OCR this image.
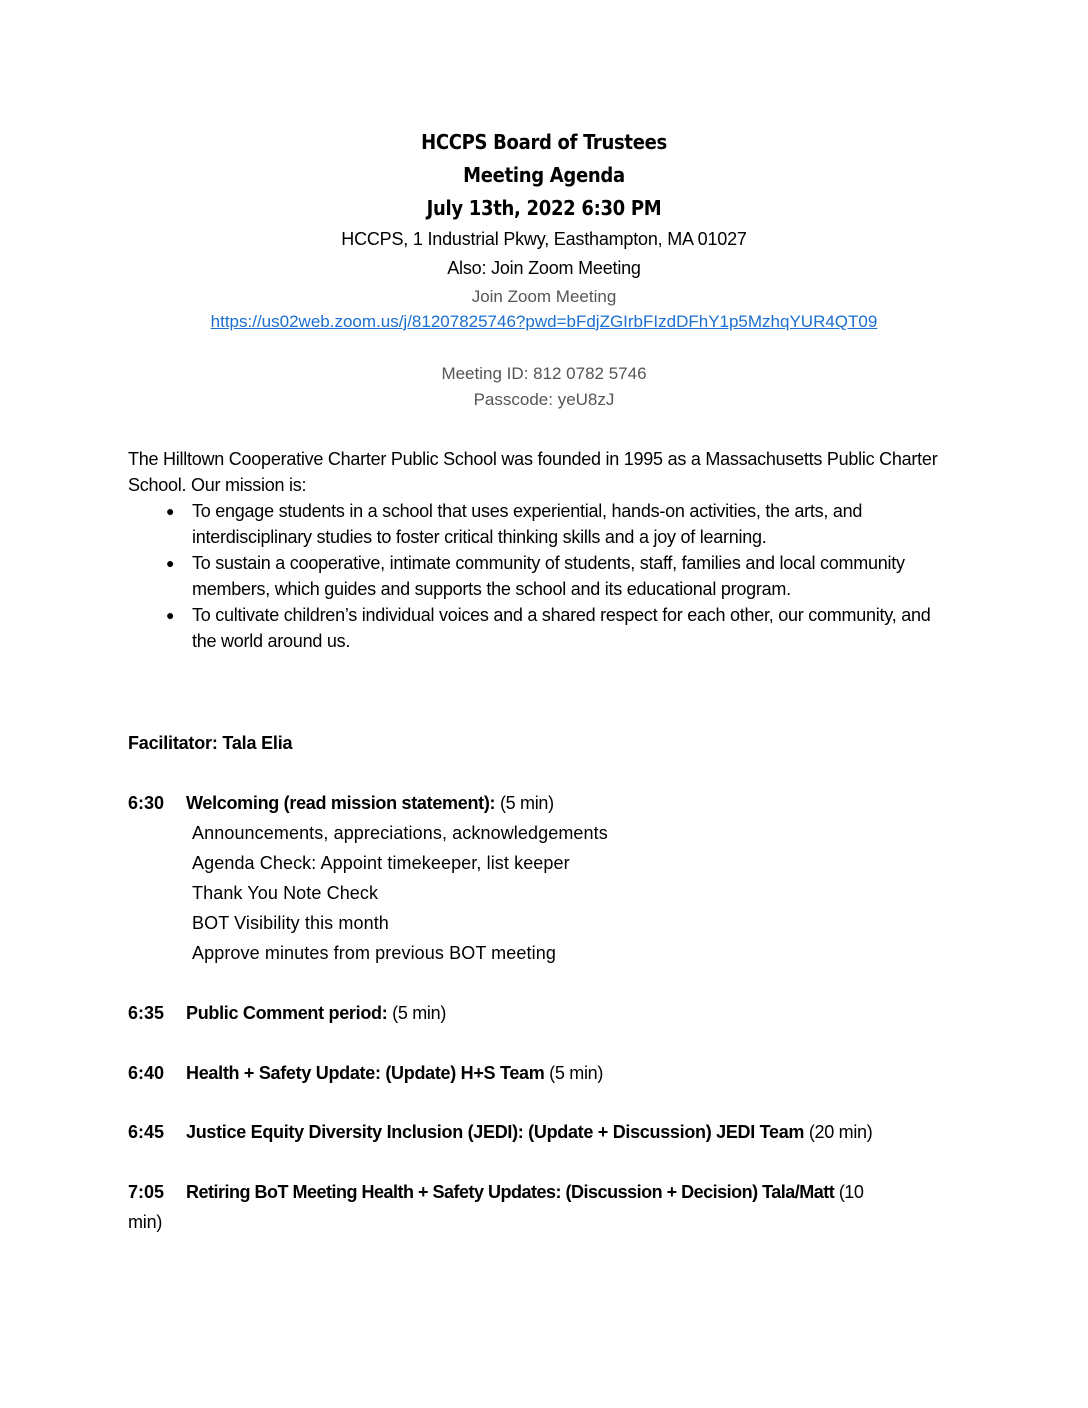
HCCPS Board of Trustees
Meeting Agenda
July 13th, 2022 6:30 PM
HCCPS, 1 Industrial Pkwy, Easthampton, MA 01027
Also: Join Zoom Meeting
Join Zoom Meeting
https://us02web.zoom.us/j/81207825746?pwd=bFdjZGIrbFIzdDFhY1p5MzhqYUR4QT09
Meeting ID: 812 0782 5746
Passcode: yeU8zJ
The Hilltown Cooperative Charter Public School was founded in 1995 as a Massachusetts Public Charter School. Our mission is:
● To engage students in a school that uses experiential, hands-on activities, the arts, and interdisciplinary studies to foster critical thinking skills and a joy of learning.
● To sustain a cooperative, intimate community of students, staff, families and local community members, which guides and supports the school and its educational program.
● To cultivate children’s individual voices and a shared respect for each other, our community, and the world around us.
Facilitator: Tala Elia
6:30 Welcoming (read mission statement): (5 min)
Announcements, appreciations, acknowledgements
Agenda Check: Appoint timekeeper, list keeper
Thank You Note Check
BOT Visibility this month
Approve minutes from previous BOT meeting
6:35 Public Comment period: (5 min)
6:40 Health + Safety Update: (Update) H+S Team (5 min)
6:45 Justice Equity Diversity Inclusion (JEDI): (Update + Discussion) JEDI Team (20 min)
7:05 Retiring BoT Meeting Health + Safety Updates: (Discussion + Decision) Tala/Matt (10
min)
